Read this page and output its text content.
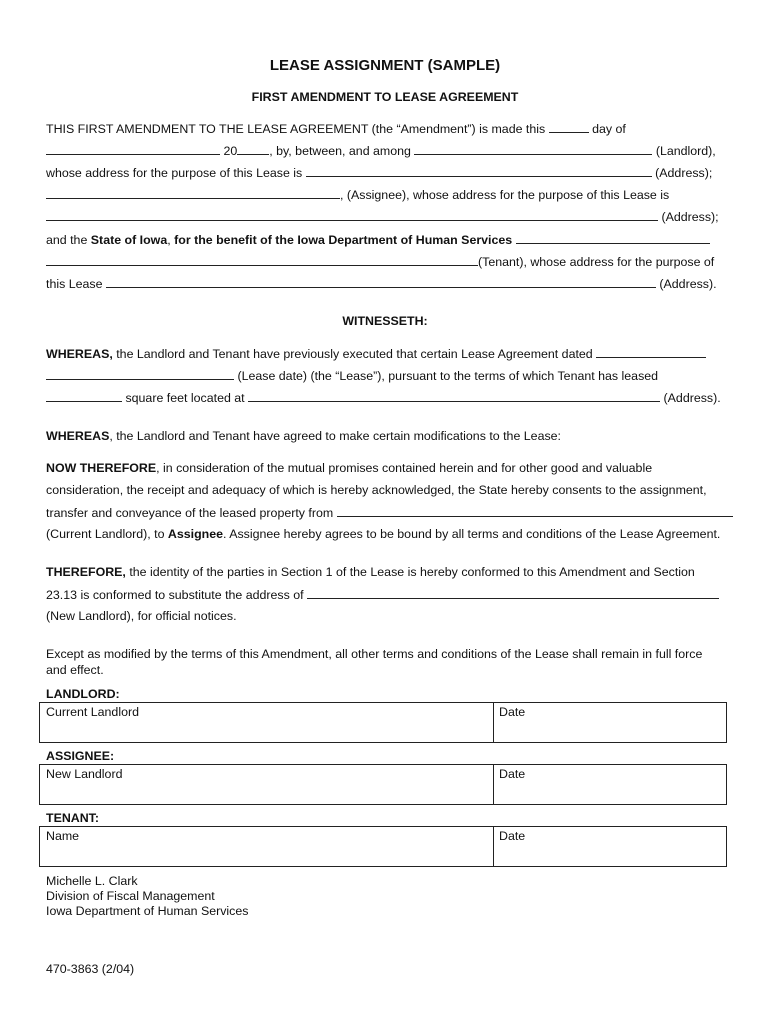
LEASE ASSIGNMENT (SAMPLE)
FIRST AMENDMENT TO LEASE AGREEMENT
THIS FIRST AMENDMENT TO THE LEASE AGREEMENT (the “Amendment”) is made this	day of
20	, by, between, and among	(Landlord),
whose address for the purpose of this Lease is	(Address);
, (Assignee), whose address for the purpose of this Lease is
(Address);
and the State of Iowa, for the benefit of the Iowa Department of Human Services
(Tenant), whose address for the purpose of
this Lease	(Address).
WITNESSETH:
WHEREAS, the Landlord and Tenant have previously executed that certain Lease Agreement dated
(Lease date) (the “Lease”), pursuant to the terms of which Tenant has leased
square feet located at	(Address).
WHEREAS, the Landlord and Tenant have agreed to make certain modifications to the Lease:
NOW THEREFORE, in consideration of the mutual promises contained herein and for other good and valuable
consideration, the receipt and adequacy of which is hereby acknowledged, the State hereby consents to the assignment,
transfer and conveyance of the leased property from
(Current Landlord), to Assignee. Assignee hereby agrees to be bound by all terms and conditions of the Lease Agreement.
THEREFORE, the identity of the parties in Section 1 of the Lease is hereby conformed to this Amendment and Section
23.13 is conformed to substitute the address of
(New Landlord), for official notices.
Except as modified by the terms of this Amendment, all other terms and conditions of the Lease shall remain in full force
and effect.
LANDLORD:
Current Landlord	Date
ASSIGNEE:
New Landlord	Date
TENANT:
Name	Date
Michelle L. Clark
Division of Fiscal Management
Iowa Department of Human Services
470-3863 (2/04)
